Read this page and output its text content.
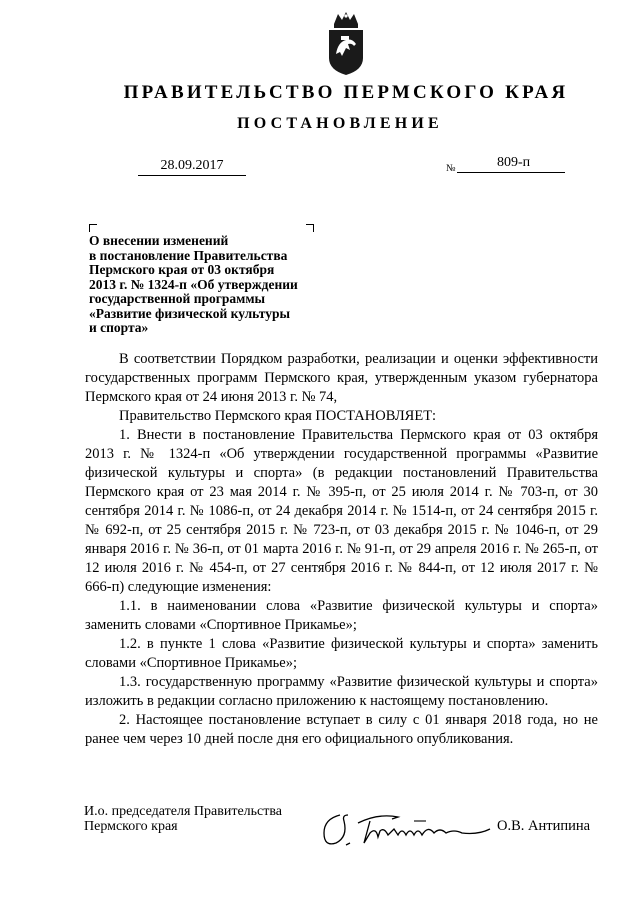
ПРАВИТЕЛЬСТВО ПЕРМСКОГО КРАЯ
ПОСТАНОВЛЕНИЕ
28.09.2017	№	809-п
О внесении изменений
в постановление Правительства
Пермского края от 03 октября
2013 г. № 1324-п «Об утверждении
государственной программы
«Развитие физической культуры
и спорта»

В соответствии Порядком разработки, реализации и оценки эффективности государственных программ Пермского края, утвержденным указом губернатора Пермского края от 24 июня 2013 г. № 74,

Правительство Пермского края ПОСТАНОВЛЯЕТ:

1. Внести в постановление Правительства Пермского края от 03 октября 2013 г. № 1324-п «Об утверждении государственной программы «Развитие физической культуры и спорта» (в редакции постановлений Правительства Пермского края от 23 мая 2014 г. № 395-п, от 25 июля 2014 г. № 703-п, от 30 сентября 2014 г. № 1086-п, от 24 декабря 2014 г. № 1514-п, от 24 сентября 2015 г. № 692-п, от 25 сентября 2015 г. № 723-п, от 03 декабря 2015 г. № 1046-п, от 29 января 2016 г. № 36-п, от 01 марта 2016 г. № 91-п, от 29 апреля 2016 г. № 265-п, от 12 июля 2016 г. № 454-п, от 27 сентября 2016 г. № 844-п, от 12 июля 2017 г. № 666-п) следующие изменения:

1.1. в наименовании слова «Развитие физической культуры и спорта» заменить словами «Спортивное Прикамье»;

1.2. в пункте 1 слова «Развитие физической культуры и спорта» заменить словами «Спортивное Прикамье»;

1.3. государственную программу «Развитие физической культуры и спорта» изложить в редакции согласно приложению к настоящему постановлению.

2. Настоящее постановление вступает в силу с 01 января 2018 года, но не ранее чем через 10 дней после дня его официального опубликования.

И.о. председателя Правительства
Пермского края	О.В. Антипина
